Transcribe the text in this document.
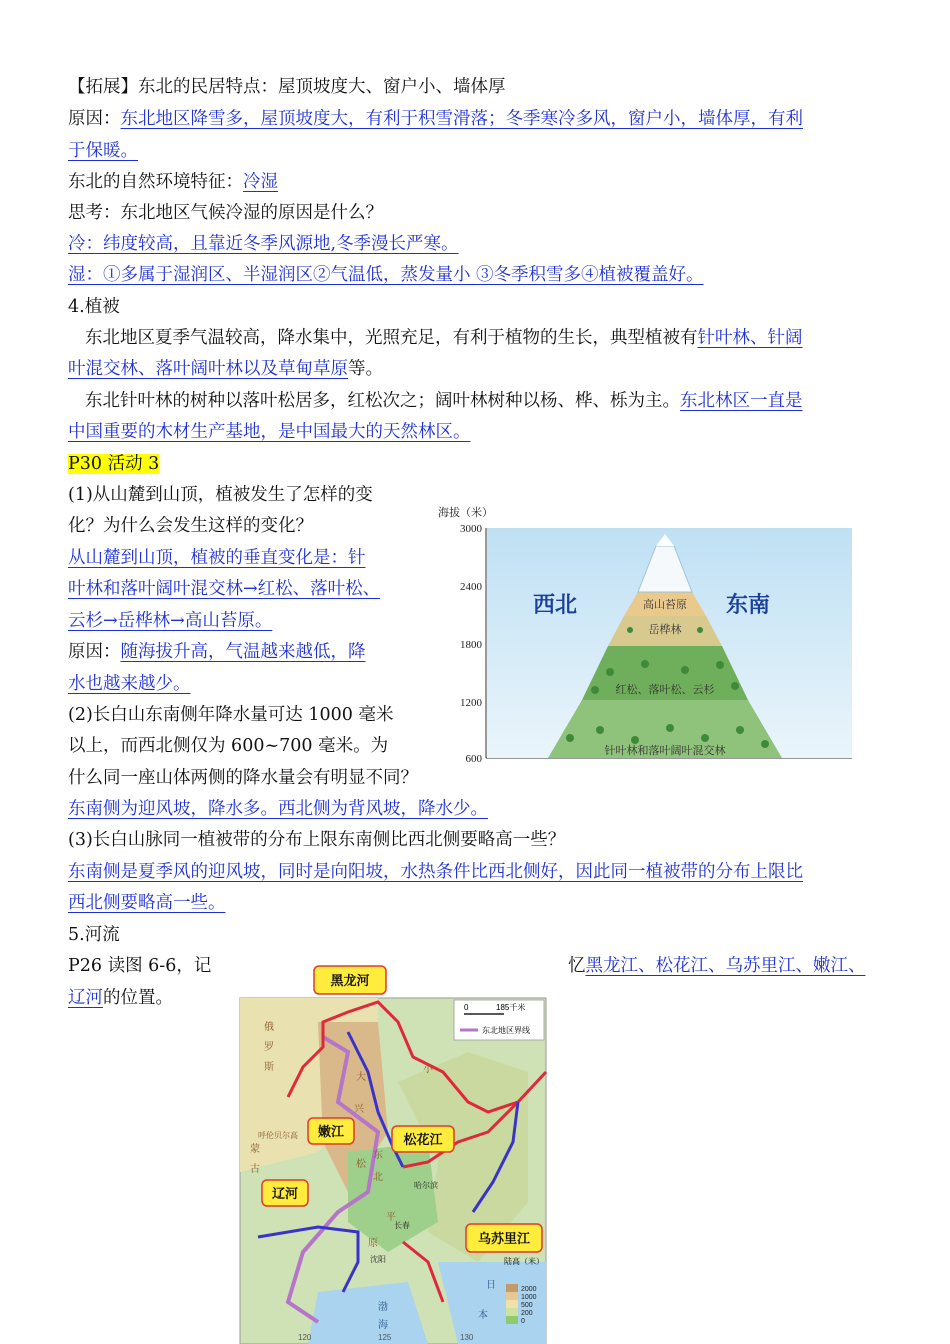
【拓展】东北的民居特点：屋顶坡度大、窗户小、墙体厚
原因：东北地区降雪多，屋顶坡度大，有利于积雪滑落；冬季寒冷多风，窗户小，墙体厚，有利
于保暖。
东北的自然环境特征：冷湿
思考：东北地区气候冷湿的原因是什么？
冷：纬度较高，且靠近冬季风源地,冬季漫长严寒。
湿：①多属于湿润区、半湿润区②气温低，蒸发量小 ③冬季积雪多④植被覆盖好。
4.植被
东北地区夏季气温较高，降水集中，光照充足，有利于植物的生长，典型植被有针叶林、针阔
叶混交林、落叶阔叶林以及草甸草原等。
东北针叶林的树种以落叶松居多，红松次之；阔叶林树种以杨、桦、栎为主。东北林区一直是
中国重要的木材生产基地，是中国最大的天然林区。
P30 活动 3
(1)从山麓到山顶，植被发生了怎样的变
化？为什么会发生这样的变化？
从山麓到山顶，植被的垂直变化是：针
叶林和落叶阔叶混交林→红松、落叶松、
云杉→岳桦林→高山苔原。
原因：随海拔升高，气温越来越低，降
水也越来越少。
(2)长白山东南侧年降水量可达 1000 毫米
以上，而西北侧仅为 600~700 毫米。为
什么同一座山体两侧的降水量会有明显不同？
东南侧为迎风坡，降水多。西北侧为背风坡，降水少。
(3)长白山脉同一植被带的分布上限东南侧比西北侧要略高一些？
东南侧是夏季风的迎风坡，同时是向阳坡，水热条件比西北侧好，因此同一植被带的分布上限比
西北侧要略高一些。
5.河流
P26 读图 6-6，记	忆黑龙江、松花江、乌苏里江、嫩江、
辽河的位置。
海拔（米）
3000
2400
1800
1200
600
高山苔原
岳桦林
红松、落叶松、云杉
针叶林和落叶阔叶混交林
西北	东南
0	185千米
东北地区界线
陆高（米）
2000
1000
500
200
0
俄
罗
斯
蒙
古
呼伦贝尔高
大
兴
小
东
北
松
平
哈尔滨
长春
沈阳
原
渤
海
日
本
120	130
125
黑龙河
嫩江
松花江
辽河
乌苏里江
